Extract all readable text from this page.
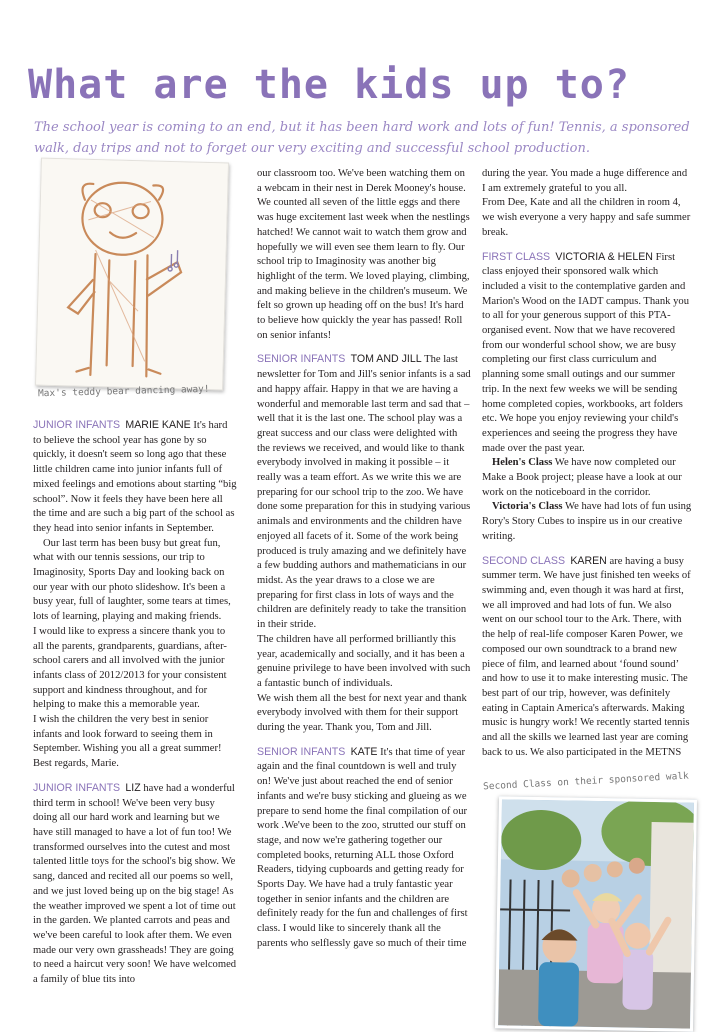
What are the kids up to?

The school year is coming to an end, but it has been hard work and lots of fun! Tennis, a sponsored walk, day trips and not to forget our very exciting and successful school production.

Max's teddy bear dancing away!

JUNIOR INFANTS MARIE KANE It's hard to believe the school year has gone by so quickly, it doesn't seem so long ago that these little children came into junior infants full of mixed feelings and emotions about starting “big school”. Now it feels they have been here all the time and are such a big part of the school as they head into senior infants in September.

Our last term has been busy but great fun, what with our tennis sessions, our trip to Imaginosity, Sports Day and looking back on our year with our photo slideshow. It's been a busy year, full of laughter, some tears at times, lots of learning, playing and making friends.

I would like to express a sincere thank you to all the parents, grandparents, guardians, after-school carers and all involved with the junior infants class of 2012/2013 for your consistent support and kindness throughout, and for helping to make this a memorable year.

I wish the children the very best in senior infants and look forward to seeing them in September. Wishing you all a great summer!

Best regards, Marie.

JUNIOR INFANTS LIZ have had a wonderful third term in school! We've been very busy doing all our hard work and learning but we have still managed to have a lot of fun too! We transformed ourselves into the cutest and most talented little toys for the school's big show. We sang, danced and recited all our poems so well, and we just loved being up on the big stage! As the weather improved we spent a lot of time out in the garden. We planted carrots and peas and we've been careful to look after them. We even made our very own grassheads! They are going to need a haircut very soon! We have welcomed a family of blue tits into

our classroom too. We've been watching them on a webcam in their nest in Derek Mooney's house. We counted all seven of the little eggs and there was huge excitement last week when the nestlings hatched! We cannot wait to watch them grow and hopefully we will even see them learn to fly. Our school trip to Imaginosity was another big highlight of the term. We loved playing, climbing, and making believe in the children's museum. We felt so grown up heading off on the bus! It's hard to believe how quickly the year has passed! Roll on senior infants!

SENIOR INFANTS TOM AND JILL The last newsletter for Tom and Jill's senior infants is a sad and happy affair. Happy in that we are having a wonderful and memorable last term and sad that – well that it is the last one. The school play was a great success and our class were delighted with the reviews we received, and would like to thank everybody involved in making it possible – it really was a team effort. As we write this we are preparing for our school trip to the zoo. We have done some preparation for this in studying various animals and environments and the children have enjoyed all facets of it. Some of the work being produced is truly amazing and we definitely have a few budding authors and mathematicians in our midst. As the year draws to a close we are preparing for first class in lots of ways and the children are definitely ready to take the transition in their stride.

The children have all performed brilliantly this year, academically and socially, and it has been a genuine privilege to have been involved with such a fantastic bunch of individuals.

We wish them all the best for next year and thank everybody involved with them for their support during the year. Thank you, Tom and Jill.

SENIOR INFANTS KATE It's that time of year again and the final countdown is well and truly on! We've just about reached the end of senior infants and we're busy sticking and glueing as we prepare to send home the final compilation of our work .We've been to the zoo, strutted our stuff on stage, and now we're gathering together our completed books, returning ALL those Oxford Readers, tidying cupboards and getting ready for Sports Day. We have had a truly fantastic year together in senior infants and the children are definitely ready for the fun and challenges of first class. I would like to sincerely thank all the parents who selflessly gave so much of their time

during the year. You made a huge difference and I am extremely grateful to you all.

From Dee, Kate and all the children in room 4, we wish everyone a very happy and safe summer break.

FIRST CLASS VICTORIA & HELEN First class enjoyed their sponsored walk which included a visit to the contemplative garden and Marion's Wood on the IADT campus. Thank you to all for your generous support of this PTA-organised event. Now that we have recovered from our wonderful school show, we are busy completing our first class curriculum and planning some small outings and our summer trip. In the next few weeks we will be sending home completed copies, workbooks, art folders etc. We hope you enjoy reviewing your child's experiences and seeing the progress they have made over the past year.

Helen's Class We have now completed our Make a Book project; please have a look at our work on the noticeboard in the corridor.

Victoria's Class We have had lots of fun using Rory's Story Cubes to inspire us in our creative writing.

SECOND CLASS KAREN are having a busy summer term. We have just finished ten weeks of swimming and, even though it was hard at first, we all improved and had lots of fun. We also went on our school tour to the Ark. There, with the help of real-life composer Karen Power, we composed our own soundtrack to a brand new piece of film, and learned about ‘found sound’ and how to use it to make interesting music. The best part of our trip, however, was definitely eating in Captain America's afterwards. Making music is hungry work! We recently started tennis and all the skills we learned last year are coming back to us. We also participated in the METNS

Second Class on their sponsored walk
